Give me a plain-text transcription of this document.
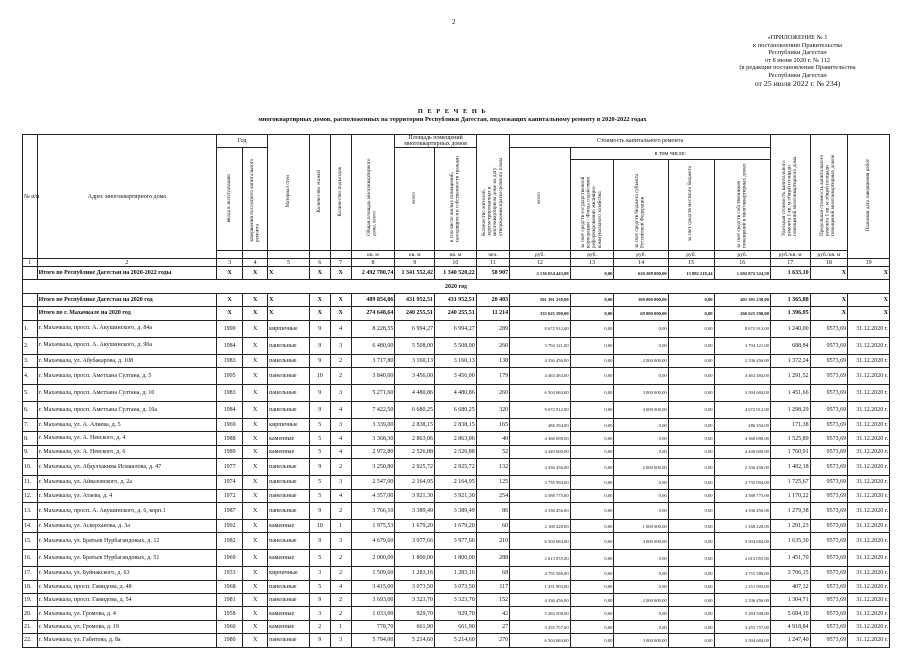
2
«ПРИЛОЖЕНИЕ № 1
к постановлению Правительства
Республики Дагестан
от 8 июня 2020 г. № 112
(в редакции постановления Правительства
Республики Дагестан
от 25 июля 2022 г. № 234)
П Е Р Е Ч Е Н Ь
многоквартирных домов, расположенных на территории Республики Дагестан, подлежащих капитальному ремонту в 2020-2022 годах
№ п/п	Адрес многоквартирного дома	Год		Материал стен	Количество этажей	Количество подъездов	Общая площадь многоквартирного дома, всего	Площадь помещений многоквартирных домов		Количество жителей, зарегистрированных в многоквартирном доме на дату утверждения краткосрочного плана	Стоимость капитального ремонта					Удельная стоимость капитального ремонта 1 кв. м общей площади помещений многоквартирного дома	Предельная стоимость капитального ремонта 1 кв. м общей площади помещений многоквартирных домов	Плановая дата завершения работ
		ввода в эксплуатацию	завершения последнего капитального ремонта					всего	в том числе жилых помещений, находящихся в собственности граждан		всего	в том числе:						
												за счет средств государственной корпорации - Фонда содействия реформированию жилищно-коммунального хозяйства	за счет средств бюджета субъекта Российской Федерации	за счет средств местного бюджета	за счет средств собственников помещений в многоквартирных домах			
							кв. м	кв. м	кв. м	чел.	руб.	руб.	руб.	руб.	руб.	руб./кв. м	руб./кв. м	
1	2	3	4	5	6	7	8	9	10	11	12	13	14	15	16	17	18	19
	Итого по Республике Дагестан на 2020-2022 годы	X	X	X	X	X	2 492 780,74	1 341 552,42	1 340 520,22	58 907	2 136 654 443,08	0,00	626 208 000,00	13 882 218,44	1 692 872 324,58	1 633,10	X	X
2020 год																		
	Итого по Республике Дагестан на 2020 год	X	X	X	X	X	489 854,86	431 952,51	431 952,51	20 403	591 391 238,00	0,00	100 000 000,00	0,00	491 391 238,00	1 365,88	X	X
	Итого по г. Махачкале на 2020 год	X	X	X	X	X	274 648,64	240 255,51	240 255,51	11 214	335 625 590,00	0,00	69 000 000,00	0,00	266 625 590,00	1 396,95	X	X
1.	г. Махачкала, просп. А. Акушинского, д. 84а	1990	X	кирпичные	9	4	8 228,55	6 994,27	6 994,27	289	8 672 912,00	0,00	0,00	0,00	8 672 912,00	1 240,00	9573,69	31.12.2020 г.
2.	г. Махачкала, просп. А. Акушинского, д. 90а	1984	X	панельные	9	3	6 480,00	5 508,00	5 508,00	260	3 794 121,00	0,00	0,00	0,00	3 794 121,00	688,84	9573,69	31.12.2020 г.
3.	г. Махачкала, ул. Абубакарова, д. 108	1983	X	панельные	9	2	3 717,80	3 160,13	3 160,13	138	4 336 456,00	0,00	2 000 000,00	0,00	2 336 456,00	1 372,24	9573,69	31.12.2020 г.
4.	г. Махачкала, просп. Аметхана Султана, д. 5	1995	X	панельные	10	2	3 840,00	3 456,00	3 456,00	179	4 463 484,00	0,00	0,00	0,00	4 463 484,00	1 291,52	9573,69	31.12.2020 г.
5.	г. Махачкала, просп. Аметхана Султана, д. 10	1983	X	панельные	9	3	5 271,60	4 480,86	4 480,86	260	6 504 684,00	0,00	3 000 000,00	0,00	3 504 684,00	1 451,66	9573,69	31.12.2020 г.
6.	г. Махачкала, просп. Аметхана Султана, д. 10а	1984	X	панельные	9	4	7 422,50	6 680,25	6 680,25	320	8 672 912,00	0,00	4 000 000,00	0,00	4 672 912,00	1 298,29	9573,69	31.12.2020 г.
7.	г. Махачкала, ул. А. Алиева, д. 5	1969	X	кирпичные	5	3	3 339,00	2 838,15	2 838,15	165	486 394,00	0,00	0,00	0,00	486 394,00	171,38	9573,69	31.12.2020 г.
8.	г. Махачкала, ул. А. Невского, д. 4	1988	X	каменные	5	4	3 368,30	2 863,06	2 863,06	40	4 368 698,00	0,00	0,00	0,00	4 368 698,00	1 525,89	9573,69	31.12.2020 г.
9.	г. Махачкала, ул. А. Невского, д. 6	1989	X	каменные	5	4	2 972,80	2 526,88	2 526,88	52	4 449 600,00	0,00	0,00	0,00	4 449 600,00	1 760,91	9573,69	31.12.2020 г.
10.	г. Махачкала, ул. Абдулхакима Исмаилова, д. 47	1977	X	панельные	9	2	3 250,80	2 925,72	2 925,72	132	4 336 456,00	0,00	2 000 000,00	0,00	2 336 456,00	1 482,18	9573,69	31.12.2020 г.
11.	г. Махачкала, ул. Айвазовского, д. 2а	1974	X	панельные	5	3	2 547,00	2 164,95	2 164,95	125	3 735 994,00	0,00	0,00	0,00	3 735 994,00	1 725,67	9573,69	31.12.2020 г.
12.	г. Махачкала, ул. Атаева, д. 4	1972	X	панельные	5	4	4 357,00	3 921,30	3 921,30	254	4 588 775,00	0,00	0,00	0,00	4 588 775,00	1 170,22	9573,69	31.12.2020 г.
13.	г. Махачкала, просп. А. Акушинского, д. 6, корп.1	1987	X	панельные	9	2	3 766,10	3 389,49	3 389,49	86	4 336 456,00	0,00	0,00	0,00	4 336 456,00	1 279,38	9573,69	31.12.2020 г.
14.	г. Махачкала, ул. Аскерханова, д. 3а	1992	X	каменные	10	1	1 975,53	1 679,20	1 679,20	60	2 168 228,00	0,00	1 000 000,00	0,00	1 168 228,00	1 291,23	9573,69	31.12.2020 г.
15.	г. Махачкала, ул. Братьев Нурбагандовых, д. 12	1982	X	панельные	9	3	4 679,60	3 977,66	3 977,66	210	6 504 684,00	0,00	3 000 000,00	0,00	3 504 684,00	1 635,30	9573,69	31.12.2020 г.
16.	г. Махачкала, ул. Братьев Нурбагандовых, д. 51	1969	X	каменные	5	2	2 000,00	1 800,00	1 800,00	288	2 613 055,00	0,00	0,00	0,00	2 613 055,00	1 451,70	9573,69	31.12.2020 г.
17.	г. Махачкала, ул. Буйнакского, д. 63	1933	X	кирпичные	3	2	1 509,60	1 283,16	1 283,16	68	4 755 586,00	0,00	0,00	0,00	4 755 586,00	3 706,15	9573,69	31.12.2020 г.
18.	г. Махачкала, просп. Гамидова, д. 48	1968	X	панельные	5	4	3 415,00	3 073,50	3 073,50	117	1 251 903,00	0,00	0,00	0,00	1 251 903,00	407,32	9573,69	31.12.2020 г.
19.	г. Махачкала, просп. Гамидова, д. 54	1981	X	панельные	9	2	3 693,00	3 323,70	3 323,70	152	4 336 456,00	0,00	2 000 000,00	0,00	2 336 456,00	1 304,71	9573,69	31.12.2020 г.
20.	г. Махачкала, ул. Громова, д. 4	1958	X	каменные	3	2	1 033,00	929,70	929,70	42	5 284 508,00	0,00	0,00	0,00	5 284 508,00	5 684,10	9573,69	31.12.2020 г.
21.	г. Махачкала, ул. Громова, д. 19	1960	X	каменные	2	1	778,70	661,90	661,90	27	3 255 757,00	0,00	0,00	0,00	3 255 757,00	4 918,84	9573,69	31.12.2020 г.
22.	г. Махачкала, ул. Габитова, д. 8а	1980	X	панельные	9	3	5 794,00	5 214,60	5 214,60	270	6 504 684,00	0,00	3 000 000,00	0,00	3 504 684,00	1 247,40	9573,69	31.12.2020 г.
